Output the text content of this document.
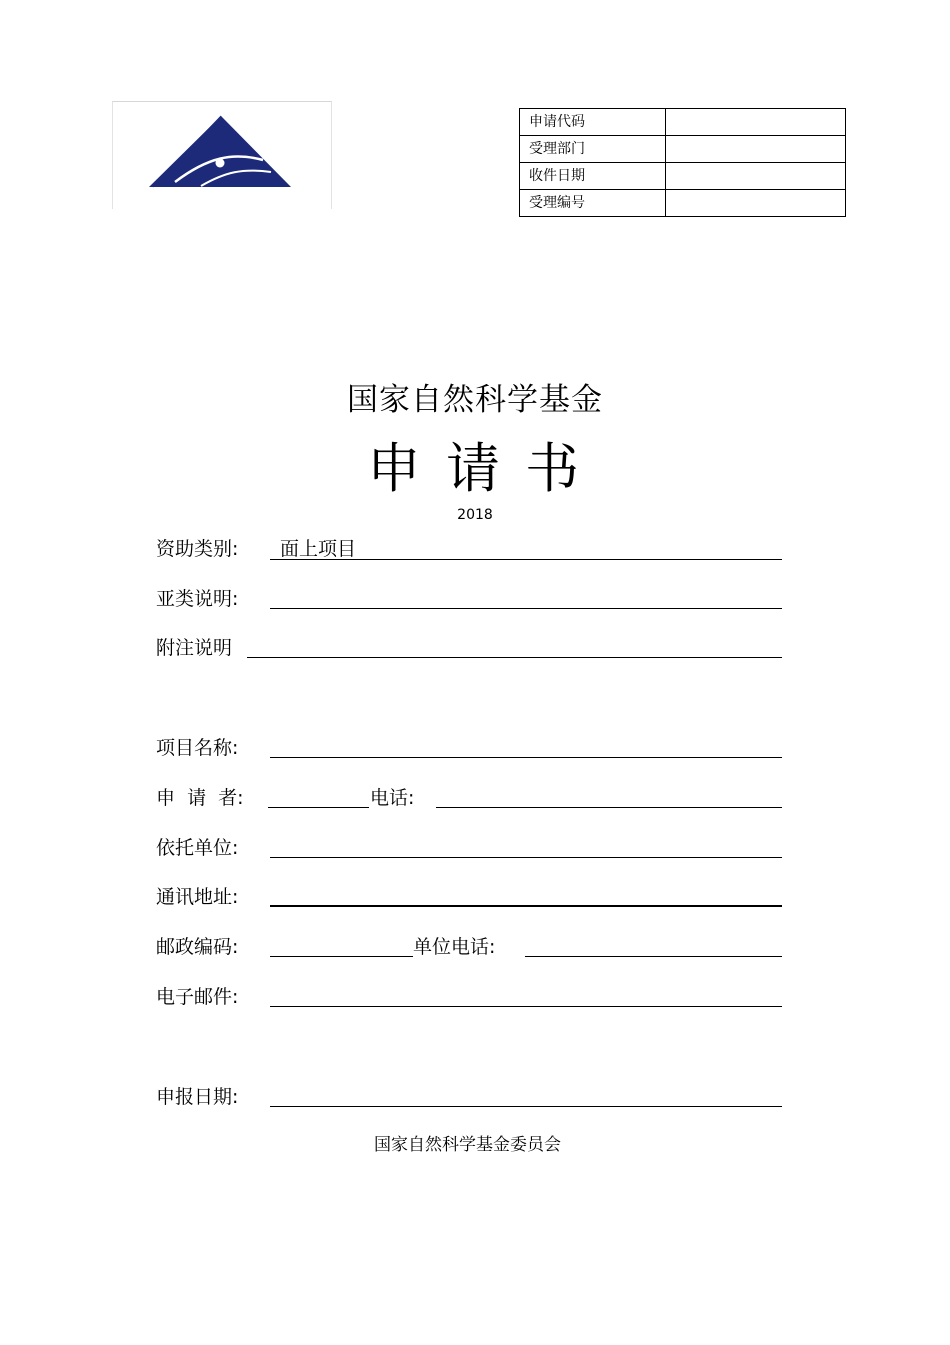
申请代码	
受理部门	
收件日期	
受理编号	
国家自然科学基金
申 请 书
2018
资助类别: 面上项目
亚类说明:
附注说明
项目名称:
申  请  者:	电话:
依托单位:
通讯地址:
邮政编码:	单位电话:
电子邮件:
申报日期:
国家自然科学基金委员会
